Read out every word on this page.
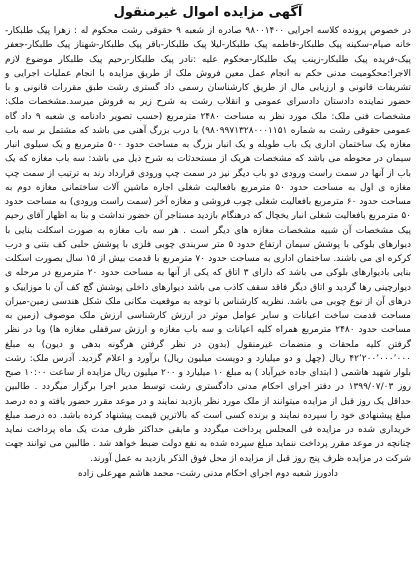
آگهی مزایده اموال غیرمنقول

در خصوص پرونده کلاسه اجرایی ۹۸۰۰۱۴۰۰ صادره از شعبه ۹ حقوقی رشت محکوم له : زهرا پیک طلبکار-خانه صیام-سکینه پیک طلبکار-فاطمه پیک طلبکار-لیلا پیک طلبکار-باقر پیک طلبکار-شهناز پیک طلبکار-جعفر پیک-فریده پیک طلبکار-زینب پیک طلبکار-محکوم علیه :نادر پیک طلبکار-رحیم پیک طلبکار موضوع لازم الاجرا:محکومیت مدنی حکم به انجام عمل معین فروش ملک از طریق مزایده با انجام عملیات اجرایی و تشریفات قانونی و ارزیابی مال از طریق کارشناسان رسمی داد گستری رشت طبق مقررات قانونی و با حضور نماینده دادستان دادسرای عمومی و انقلاب رشت به شرح زیر به فروش میرسد.مشخصات ملک: مشخصات فنی ملک: ملک مورد نظر به مساحت ۲۴۸۰ مترمربع (حسب تصویر دادنامه ی شعبه ۹ داد گاه عمومی حقوقی رشت به شماره ۹۸۰۹۹۷۱۳۲۸۰۰۰۱۱۵۱) با درب بزرگ آهنی می باشد که مشتمل بر سه باب مغازه یک ساختمان اداری یک باب طویله و یک انبار بزرگ به مساحت حدود ۵۰۰ مترمربع و یک سیلوی انبار سیمان در محوطه می باشد که مشخصات هریک از مستحدثات به شرح ذیل می باشد: سه باب مغازه که یک باب از آنها در سمت راست ورودی دو باب دیگر نیز در سمت چپ ورودی قرارداد رند به ترتیب از سمت چپ مغازه ی اول به مساحت حدود ۵۰ مترمربع بافعالیت شغلی اجاره ماشین آلات ساختمانی مغازه دوم به مساحت حدود ۶۰ مترمربع بافعالیت شغلی چوب فروشی و مغازه آخر (سمت راست ورودی) به مساحت حدود ۵۰ مترمربع بافعالیت شغلی انبار یخچال که درهنگام بازدید مستاجر آن حضور نداشت و بنا به اظهار آقای رحیم پیک مشخصات آن شبیه مشخصات مغازه های دیگر است . هر سه باب مغازه به صورت اسکلت بنایی با دیوارهای بلوکی با پوشش سیمان ارتفاع حدود ۵ متر سربندی چوبی فلزی با پوشش حلبی کف بتنی و درب کرکره ای می باشند. ساختمان اداری به مساحت حدود ۷۰ مترمربع با قدمت بیش از ۱۵ سال بصورت اسکلت بنایی بادیوارهای بلوکی می باشد که دارای ۳ اتاق که یکی از آنها به مساحت حدود ۲۰ مترمربع در مرحله ی دیوارچینی رها گردید و اتاق دیگر فاقد سقف کاذب می باشد دیوارهای داخلی پوشش گچ کف آن با موزاییک و درهای آن از نوع چوبی می باشد. نظریه کارشناس با توجه به موقعیت مکانی ملک شکل هندسی زمین-میزان مساحت قدمت ساخت اعیانات و سایر عوامل موثر در ارزش کارشناسی ارزش ملک موصوف (زمین به مساحت حدود ۲۴۸۰ مترمربع همراه کلیه اعیانات و سه باب مغازه و ارزش سرقفلی مغازه ها) وبا در نظر گرفتن کلیه ملحقات و منضمات غیرمنقول (بدون در نظر گرفتن هرگونه بدهی و دیون) به مبلغ ۴۲٬۲۰۰٬۰۰۰٬۰۰۰ ریال (چهل و دو میلیارد و دویست میلیون ریال) برآورد و اعلام گردید. آدرس ملک: رشت بلوار شهید هاشمی ( ابتدای جاده خیرآباد ) به مبلغ ۱۰ میلیارد و ۲۰۰ میلیون ریال مزایده از ساعت ۱۰:۰۰ صبح روز ۱۳۹۹/۰۷/۰۳ در دفتر اجرای احکام مدنی دادگستری رشت توسط مدیر اجرا برگزار میگردد . طالبین حداقل یک روز قبل از مزایده میتوانند از ملک مورد نظر بازدید نمایند و در موعد مقرر حضور یافته و ده درصد مبلغ پیشنهادی خود را سپرده نمایند و برنده کسی است که بالاترین قیمت پیشنهاد کرده باشد. ده درصد مبلغ خریداری شده در مزایده فی المجلس پرداخت میگردد و مابقی حداکثر ظرف مدت یک ماه پرداخت نماید چنانچه در موعد مقرر پرداخت ننماید مبلغ سپرده شده به نفع دولت ضبط خواهد شد . طالبین می توانند جهت شرکت در مزایده ظرف پنج روز قبل از مزایده از محل فوق الذکر بازدید به عمل آورند.

دادورز شعبه دوم اجرای احکام مدنی رشت- محمد هاشم مهرعلی زاده
